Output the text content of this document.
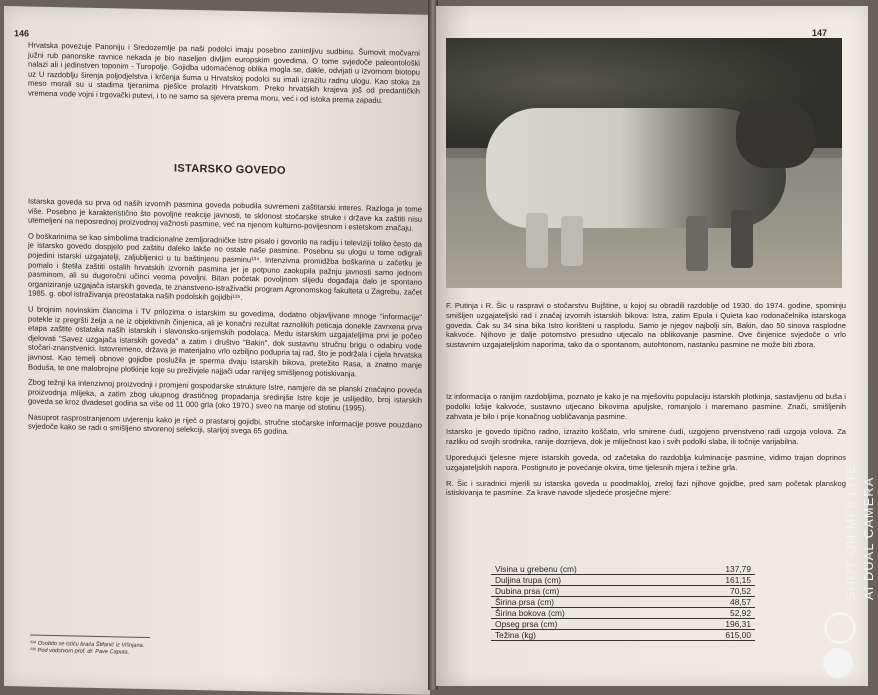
146
Hrvatska povezuje Panoniju i Sredozemlje pa naši podolci imaju posebno zanimljivu sudbinu. Šumovit močvarni južni rub panonske ravnice nekada je bio naseljen divljim europskim govedima. O tome svjedoče paleontološki nalazi ali i jedinstven toponim - Turopolje. Gojidba udomaćenog oblika mogla se, dakle, odvijati u izvornom biotopu uz U razdoblju širenja poljodjelstva i krčenja šuma u Hrvatskoj podolci su imali izrazitu radnu ulogu. Kao stoka za meso morali su u stadima tjeranima pješice prolaziti Hrvatskom. Preko hrvatskih krajeva još od predantičkih vremena vode vojni i trgovački putevi, i to ne samo sa sjevera prema moru, već i od istoka prema zapadu.
ISTARSKO GOVEDO

Istarska goveda su prva od naših izvornih pasmina goveda pobudila suvremeni zaštitarski interes. Razloga je tome više. Posebno je karakteristično što povoljne reakcije javnosti, te sklonost stočarske struke i države ka zaštiti nisu utemeljeni na neposrednoj proizvodnoj važnosti pasmine, već na njenom kulturno-povijesnom i estetskom značaju.

O boškarinima se kao simbolima tradicionalne zemljoradničke Istre pisalo i govorilo na radiju i televiziji toliko često da je istarsko govedo dospjelo pod zaštitu daleko lakše no ostale naše pasmine. Posebnu su ulogu u tome odigrali pojedini istarski uzgajatelji, zaljubljenici u tu baštinjenu pasminu¹³⁴. Intenzivna promidžba boškarina u začetku je pomalo i štetila zaštiti ostalih hrvatskih izvornih pasmina jer je potpuno zaokupila pažnju javnosti samo jednom pasminom, ali su dugoročni učinci veoma povoljni. Bitan početak povoljnom slijedu događaja dalo je spontano organiziranje uzgajača istarskih goveda, te znanstveno-istraživački program Agronomskog fakulteta u Zagrebu, začet 1985. g. obol istraživanja preostataka naših podolskih gojidbi¹³⁵.

U brojnim novinskim člancima i TV prilozima o istarskim su govedima, dodatno objavljivane mnoge "informacije" potekle iz pregršti želja a ne iz objektivnih činjenica, ali je konačni rezultat raznolikih poticaja donekle zavrxena prva etapa zaštite ostataka naših istarskih i slavonsko-srijemskih podolaca. Medu istarskim uzgajateljima prvi je počeo djelovati "Savez uzgajača istarskih goveda" a zatim i društvo "Bakin", dok sustavnu stručnu brigu o odabiru vode stočari-znanstvenici. Istovremeno, država je materijalno vrlo ozbiljno podupria taj rad, što je podržala i cijela hrvatska javnost. Kao temelj obnove gojidbe poslužila je sperma dvaju istarskih bikova, pretežito Rasa, a znatno manje Boduša, te one malobrojne plotkinje koje su preživjele najjači udar ranijeg smišljenog potiskivanja.

Zbog težnji ka intenzivnoj proizvodnji i promjeni gospodarske strukture Istre, namjere da se planski značajno poveća proizvodnja mlijeka, a zatim zbog ukupnog drastičnog propadanja sredinjše Istre koje je uslijedilo, broj istarskih goveda se kroz dvadeset godina sa više od 11 000 grla (oko 1970.) sveo na manje od stotinu (1995).

Nasuprot rasprostranjenom uvjerenju kako je riječ o prastaroj gojidbi, stručne stočarske informacije posve pouzdano svjedoče kako se radi o smišljeno stvorenoj selekciji, starijoj svega 65 godina.

¹³⁴ Osobito se ističu braća Štifanić iz Višnjana.
¹³⁵ Pod vodstvom prof. dr. Pave Caputa.
147
F. Putinja i R. Šic u raspravi o stočarstvu Bujštine, u kojoj su obradili razdoblje od 1930. do 1974. godine, spominju smišljen uzgajateljski rad i značaj izvornih istarskih bikova: Istra, zatim Epula i Quieta kao rodonačelnika istarskoga goveda. Čak su 34 sina bika Istro korišteni u rasplodu. Samo je njegov najbolji sin, Bakin, dao 50 sinova rasplodne kakvoće. Njihovo je dalje potomstvo presudno utjecalo na oblikovanje pasmine. Ove činjenice svjedoče o vrlo sustavnim uzgajateljskim naporima, tako da o spontanom, autohtonom, nastanku pasmine ne može biti zbora.

Iz informacija o ranijim razdobljima, poznato je kako je na mješovitu populaciju istarskih plotkinja, sastavljenu od buša i podolki lošije kakvoće, sustavno utjecano bikovima apuljske, romanjolo i maremano pasmine. Znači, smišljenih zahvata je bilo i prije konačnog uobličavanja pasmine.

Istarsko je govedo tipično radno, izrazito koščato, vrlo smirene ćudi, uzgojeno prvenstveno radi uzgoja volova. Za razliku od svojih srodnika, ranije dozrijeva, dok je mliječnost kao i svih podolki slaba, ili točnije varijabilna.

Uporedujući tjelesne mjere istarskih goveda, od začetaka do razdoblja kulminacije pasmine, vidimo trajan doprinos uzgajateljskih napora. Postignuto je povećanje okvira, time tjelesnih mjera i težine grla.

R. Šic i suradnici mjerili su istarska goveda u poodmakloj, zreloj fazi njihove gojidbe, pred sam početak planskog istiskivanja te pasmine. Za krave navode sljedeće prosječne mjere:

Visina u grebenu (cm)	137,79
Duljina trupa (cm)	161,15
Dubina prsa (cm)	70,52
Širina prsa (cm)	48,57
Širina bokova (cm)	52,92
Opseg prsa (cm)	196,31
Težina (kg)	615,00
SHOT ON MI 8 LITE AI DUAL CAMERA
